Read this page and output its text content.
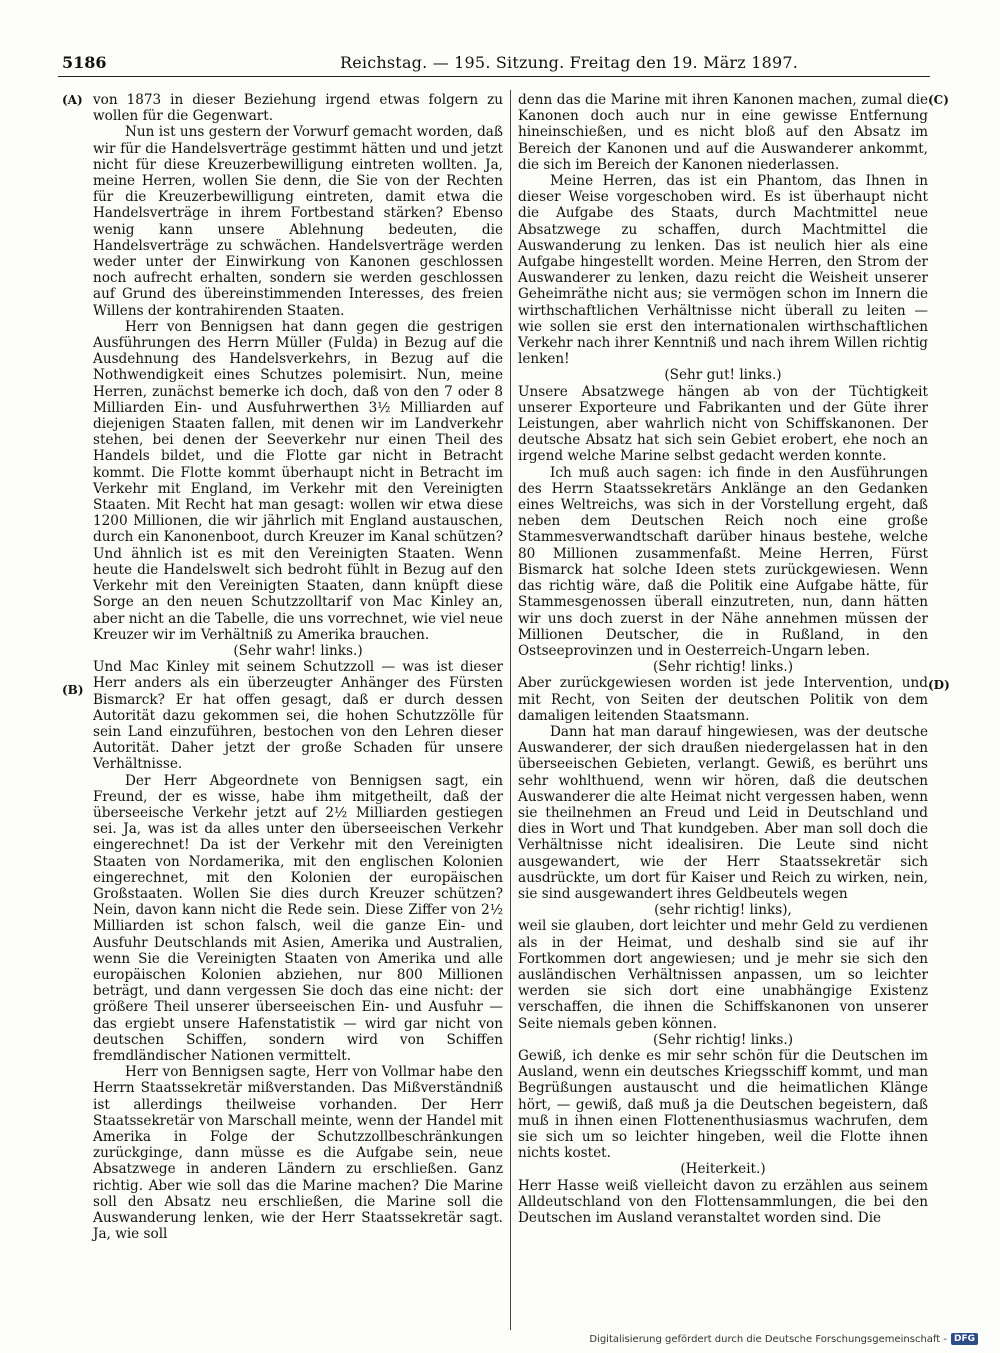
5186	Reichstag. — 195. Sitzung. Freitag den 19. März 1897.
(A)
(B)
(C)
(D)

von 1873 in dieser Beziehung irgend etwas folgern zu wollen für die Gegenwart.

Nun ist uns gestern der Vorwurf gemacht worden, daß wir für die Handelsverträge gestimmt hätten und und jetzt nicht für diese Kreuzerbewilligung eintreten wollten. Ja, meine Herren, wollen Sie denn, die Sie von der Rechten für die Kreuzerbewilligung eintreten, damit etwa die Handelsverträge in ihrem Fortbestand stärken? Ebenso wenig kann unsere Ablehnung bedeuten, die Handelsverträge zu schwächen. Handelsverträge werden weder unter der Einwirkung von Kanonen geschlossen noch aufrecht erhalten, sondern sie werden geschlossen auf Grund des übereinstimmenden Interesses, des freien Willens der kontrahirenden Staaten.

Herr von Bennigsen hat dann gegen die gestrigen Ausführungen des Herrn Müller (Fulda) in Bezug auf die Ausdehnung des Handelsverkehrs, in Bezug auf die Nothwendigkeit eines Schutzes polemisirt. Nun, meine Herren, zunächst bemerke ich doch, daß von den 7 oder 8 Milliarden Ein- und Ausfuhrwerthen 3½ Milliarden auf diejenigen Staaten fallen, mit denen wir im Landverkehr stehen, bei denen der Seeverkehr nur einen Theil des Handels bildet, und die Flotte gar nicht in Betracht kommt. Die Flotte kommt überhaupt nicht in Betracht im Verkehr mit England, im Verkehr mit den Vereinigten Staaten. Mit Recht hat man gesagt: wollen wir etwa diese 1200 Millionen, die wir jährlich mit England austauschen, durch ein Kanonenboot, durch Kreuzer im Kanal schützen? Und ähnlich ist es mit den Vereinigten Staaten. Wenn heute die Handelswelt sich bedroht fühlt in Bezug auf den Verkehr mit den Vereinigten Staaten, dann knüpft diese Sorge an den neuen Schutzzolltarif von Mac Kinley an, aber nicht an die Tabelle, die uns vorrechnet, wie viel neue Kreuzer wir im Verhältniß zu Amerika brauchen.

(Sehr wahr! links.)

Und Mac Kinley mit seinem Schutzzoll — was ist dieser Herr anders als ein überzeugter Anhänger des Fürsten Bismarck? Er hat offen gesagt, daß er durch dessen Autorität dazu gekommen sei, die hohen Schutzzölle für sein Land einzuführen, bestochen von den Lehren dieser Autorität. Daher jetzt der große Schaden für unsere Verhältnisse.

Der Herr Abgeordnete von Bennigsen sagt, ein Freund, der es wisse, habe ihm mitgetheilt, daß der überseeische Verkehr jetzt auf 2½ Milliarden gestiegen sei. Ja, was ist da alles unter den überseeischen Verkehr eingerechnet! Da ist der Verkehr mit den Vereinigten Staaten von Nordamerika, mit den englischen Kolonien eingerechnet, mit den Kolonien der europäischen Großstaaten. Wollen Sie dies durch Kreuzer schützen? Nein, davon kann nicht die Rede sein. Diese Ziffer von 2½ Milliarden ist schon falsch, weil die ganze Ein- und Ausfuhr Deutschlands mit Asien, Amerika und Australien, wenn Sie die Vereinigten Staaten von Amerika und alle europäischen Kolonien abziehen, nur 800 Millionen beträgt, und dann vergessen Sie doch das eine nicht: der größere Theil unserer überseeischen Ein- und Ausfuhr — das ergiebt unsere Hafenstatistik — wird gar nicht von deutschen Schiffen, sondern wird von Schiffen fremdländischer Nationen vermittelt.

Herr von Bennigsen sagte, Herr von Vollmar habe den Herrn Staatssekretär mißverstanden. Das Mißverständniß ist allerdings theilweise vorhanden. Der Herr Staatssekretär von Marschall meinte, wenn der Handel mit Amerika in Folge der Schutzzollbeschränkungen zurückginge, dann müsse es die Aufgabe sein, neue Absatzwege in anderen Ländern zu erschließen. Ganz richtig. Aber wie soll das die Marine machen? Die Marine soll den Absatz neu erschließen, die Marine soll die Auswanderung lenken, wie der Herr Staatssekretär sagt. Ja, wie soll

denn das die Marine mit ihren Kanonen machen, zumal die Kanonen doch auch nur in eine gewisse Entfernung hineinschießen, und es nicht bloß auf den Absatz im Bereich der Kanonen und auf die Auswanderer ankommt, die sich im Bereich der Kanonen niederlassen.

Meine Herren, das ist ein Phantom, das Ihnen in dieser Weise vorgeschoben wird. Es ist überhaupt nicht die Aufgabe des Staats, durch Machtmittel neue Absatzwege zu schaffen, durch Machtmittel die Auswanderung zu lenken. Das ist neulich hier als eine Aufgabe hingestellt worden. Meine Herren, den Strom der Auswanderer zu lenken, dazu reicht die Weisheit unserer Geheimräthe nicht aus; sie vermögen schon im Innern die wirthschaftlichen Verhältnisse nicht überall zu leiten — wie sollen sie erst den internationalen wirthschaftlichen Verkehr nach ihrer Kenntniß und nach ihrem Willen richtig lenken!

(Sehr gut! links.)

Unsere Absatzwege hängen ab von der Tüchtigkeit unserer Exporteure und Fabrikanten und der Güte ihrer Leistungen, aber wahrlich nicht von Schiffskanonen. Der deutsche Absatz hat sich sein Gebiet erobert, ehe noch an irgend welche Marine selbst gedacht werden konnte.

Ich muß auch sagen: ich finde in den Ausführungen des Herrn Staatssekretärs Anklänge an den Gedanken eines Weltreichs, was sich in der Vorstellung ergeht, daß neben dem Deutschen Reich noch eine große Stammesverwandtschaft darüber hinaus bestehe, welche 80 Millionen zusammenfaßt. Meine Herren, Fürst Bismarck hat solche Ideen stets zurückgewiesen. Wenn das richtig wäre, daß die Politik eine Aufgabe hätte, für Stammesgenossen überall einzutreten, nun, dann hätten wir uns doch zuerst in der Nähe annehmen müssen der Millionen Deutscher, die in Rußland, in den Ostseeprovinzen und in Oesterreich-Ungarn leben.

(Sehr richtig! links.)

Aber zurückgewiesen worden ist jede Intervention, und mit Recht, von Seiten der deutschen Politik von dem damaligen leitenden Staatsmann.

Dann hat man darauf hingewiesen, was der deutsche Auswanderer, der sich draußen niedergelassen hat in den überseeischen Gebieten, verlangt. Gewiß, es berührt uns sehr wohlthuend, wenn wir hören, daß die deutschen Auswanderer die alte Heimat nicht vergessen haben, wenn sie theilnehmen an Freud und Leid in Deutschland und dies in Wort und That kundgeben. Aber man soll doch die Verhältnisse nicht idealisiren. Die Leute sind nicht ausgewandert, wie der Herr Staatssekretär sich ausdrückte, um dort für Kaiser und Reich zu wirken, nein, sie sind ausgewandert ihres Geldbeutels wegen

(sehr richtig! links),

weil sie glauben, dort leichter und mehr Geld zu verdienen als in der Heimat, und deshalb sind sie auf ihr Fortkommen dort angewiesen; und je mehr sie sich den ausländischen Verhältnissen anpassen, um so leichter werden sie sich dort eine unabhängige Existenz verschaffen, die ihnen die Schiffskanonen von unserer Seite niemals geben können.

(Sehr richtig! links.)

Gewiß, ich denke es mir sehr schön für die Deutschen im Ausland, wenn ein deutsches Kriegsschiff kommt, und man Begrüßungen austauscht und die heimatlichen Klänge hört, — gewiß, daß muß ja die Deutschen begeistern, daß muß in ihnen einen Flottenenthusiasmus wachrufen, dem sie sich um so leichter hingeben, weil die Flotte ihnen nichts kostet.

(Heiterkeit.)

Herr Hasse weiß vielleicht davon zu erzählen aus seinem Alldeutschland von den Flottensammlungen, die bei den Deutschen im Ausland veranstaltet worden sind. Die

Digitalisierung gefördert durch die Deutsche Forschungsgemeinschaft - DFG
